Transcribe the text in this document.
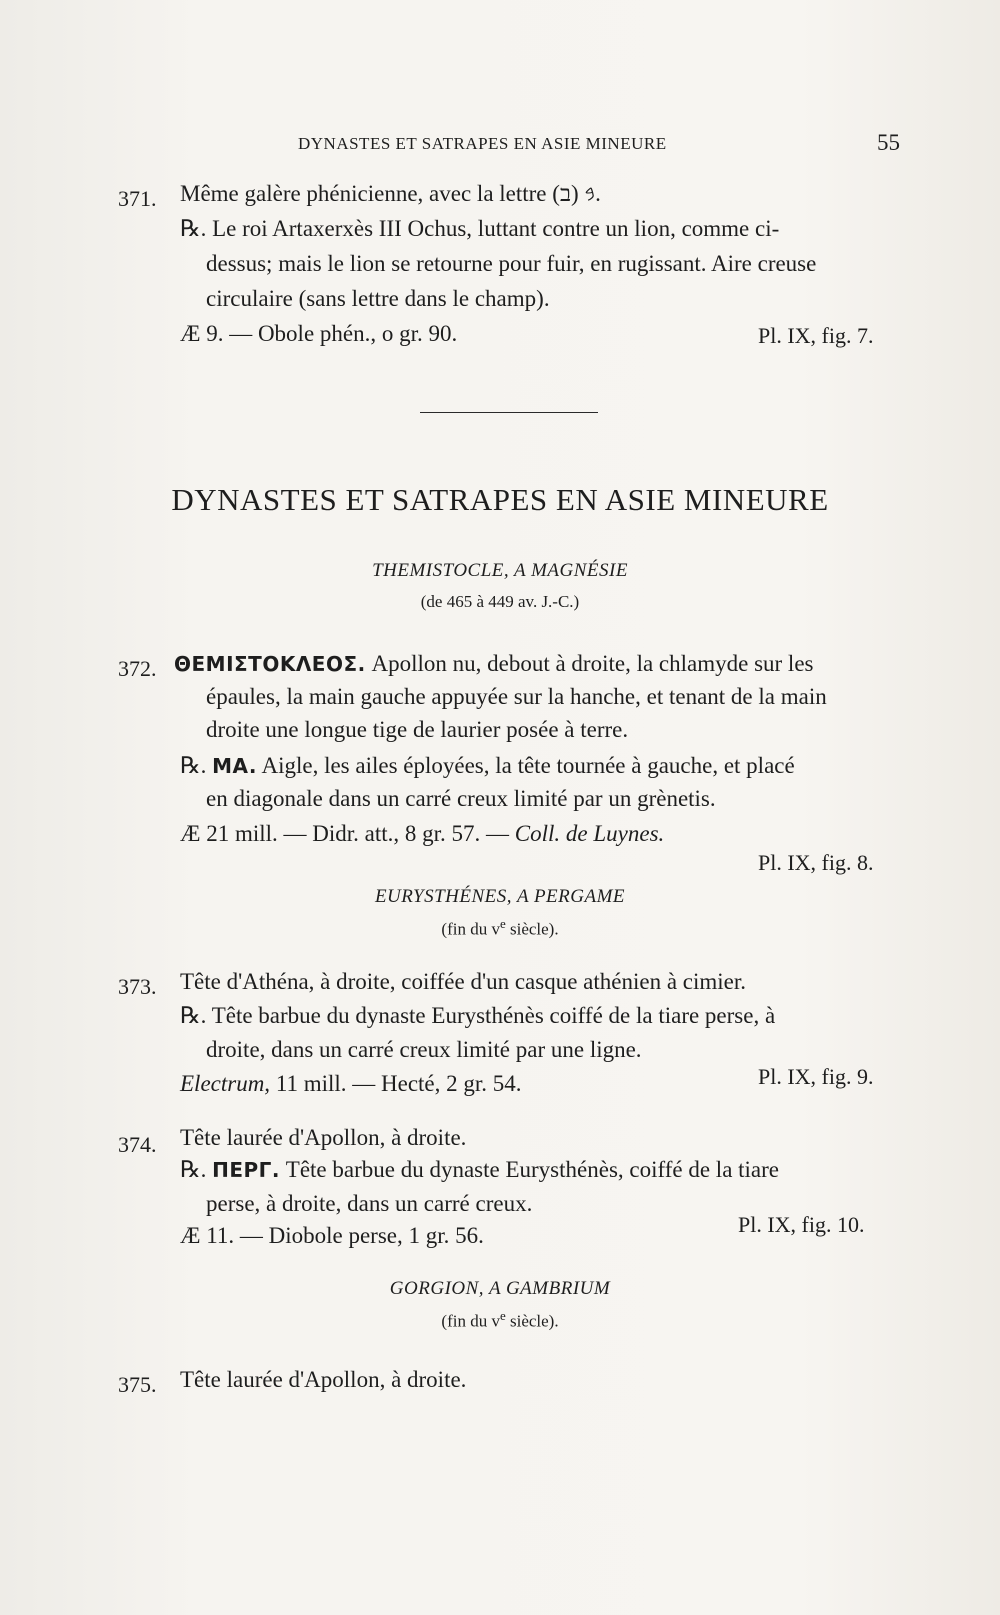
DYNASTES ET SATRAPES EN ASIE MINEURE	55
371. Même galère phénicienne, avec la lettre 𐤁 (ב).
℞. Le roi Artaxerxès III Ochus, luttant contre un lion, comme ci-
dessus; mais le lion se retourne pour fuir, en rugissant. Aire creuse
circulaire (sans lettre dans le champ).
Æ 9. — Obole phén., o gr. 90.	Pl. IX, fig. 7.
DYNASTES ET SATRAPES EN ASIE MINEURE
THEMISTOCLE, A MAGNÉSIE
(de 465 à 449 av. J.-C.)
372. ΘΕΜΙΣΤΟΚΛΕΟΣ. Apollon nu, debout à droite, la chlamyde sur les
épaules, la main gauche appuyée sur la hanche, et tenant de la main
droite une longue tige de laurier posée à terre.
℞. MA. Aigle, les ailes éployées, la tête tournée à gauche, et placé
en diagonale dans un carré creux limité par un grènetis.
Æ 21 mill. — Didr. att., 8 gr. 57. — Coll. de Luynes.
Pl. IX, fig. 8.
EURYSTHÉNES, A PERGAME
(fin du $v^e$ siècle).
373. Tête d'Athéna, à droite, coiffée d'un casque athénien à cimier.
℞. Tête barbue du dynaste Eurysthénès coiffé de la tiare perse, à
droite, dans un carré creux limité par une ligne.
Electrum, 11 mill. — Hecté, 2 gr. 54.	Pl. IX, fig. 9.
374. Tête laurée d'Apollon, à droite.
℞. ΠΕΡΓ. Tête barbue du dynaste Eurysthénès, coiffé de la tiare
perse, à droite, dans un carré creux.
Æ 11. — Diobole perse, 1 gr. 56.	Pl. IX, fig. 10.
GORGION, A GAMBRIUM
(fin du $v^e$ siècle).
375. Tête laurée d'Apollon, à droite.
